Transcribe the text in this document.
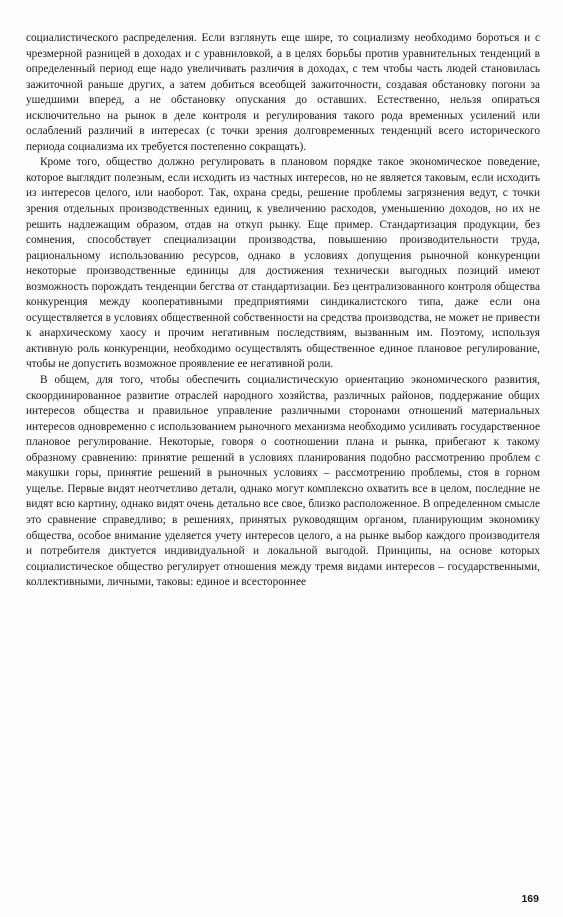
социалистического распределения. Если взглянуть еще шире, то социализму необходимо бороться и с чрезмерной разницей в доходах и с уравниловкой, а в целях борьбы против уравнительных тенденций в определенный период еще надо увеличивать различия в доходах, с тем чтобы часть людей становилась зажиточной раньше других, а затем добиться всеобщей зажиточности, создавая обстановку погони за ушедшими вперед, а не обстановку опускания до оставших. Естественно, нельзя опираться исключительно на рынок в деле контроля и регулирования такого рода временных усилений или ослаблений различий в интересах (с точки зрения долговременных тенденций всего исторического периода социализма их требуется постепенно сокращать).

Кроме того, общество должно регулировать в плановом порядке такое экономическое поведение, которое выглядит полезным, если исходить из частных интересов, но не является таковым, если исходить из интересов целого, или наоборот. Так, охрана среды, решение проблемы загрязнения ведут, с точки зрения отдельных производственных единиц, к увеличению расходов, уменьшению доходов, но их не решить надлежащим образом, отдав на откуп рынку. Еще пример. Стандартизация продукции, без сомнения, способствует специализации производства, повышению производительности труда, рациональному использованию ресурсов, однако в условиях допущения рыночной конкуренции некоторые производственные единицы для достижения технически выгодных позиций имеют возможность порождать тенденции бегства от стандартизации. Без централизованного контроля общества конкуренция между кооперативными предприятиями синдикалистского типа, даже если она осуществляется в условиях общественной собственности на средства производства, не может не привести к анархическому хаосу и прочим негативным последствиям, вызванным им. Поэтому, используя активную роль конкуренции, необходимо осуществлять общественное единое плановое регулирование, чтобы не допустить возможное проявление ее негативной роли.

В общем, для того, чтобы обеспечить социалистическую ориентацию экономического развития, скоординированное развитие отраслей народного хозяйства, различных районов, поддержание общих интересов общества и правильное управление различными сторонами отношений материальных интересов одновременно с использованием рыночного механизма необходимо усиливать государственное плановое регулирование. Некоторые, говоря о соотношении плана и рынка, прибегают к такому образному сравнению: принятие решений в условиях планирования подобно рассмотрению проблем с макушки горы, принятие решений в рыночных условиях – рассмотрению проблемы, стоя в горном ущелье. Первые видят неотчетливо детали, однако могут комплексно охватить все в целом, последние не видят всю картину, однако видят очень детально все свое, близко расположенное. В определенном смысле это сравнение справедливо; в решениях, принятых руководящим органом, планирующим экономику общества, особое внимание уделяется учету интересов целого, а на рынке выбор каждого производителя и потребителя диктуется индивидуальной и локальной выгодой. Принципы, на основе которых социалистическое общество регулирует отношения между тремя видами интересов – государственными, коллективными, личными, таковы: единое и всестороннее

169
